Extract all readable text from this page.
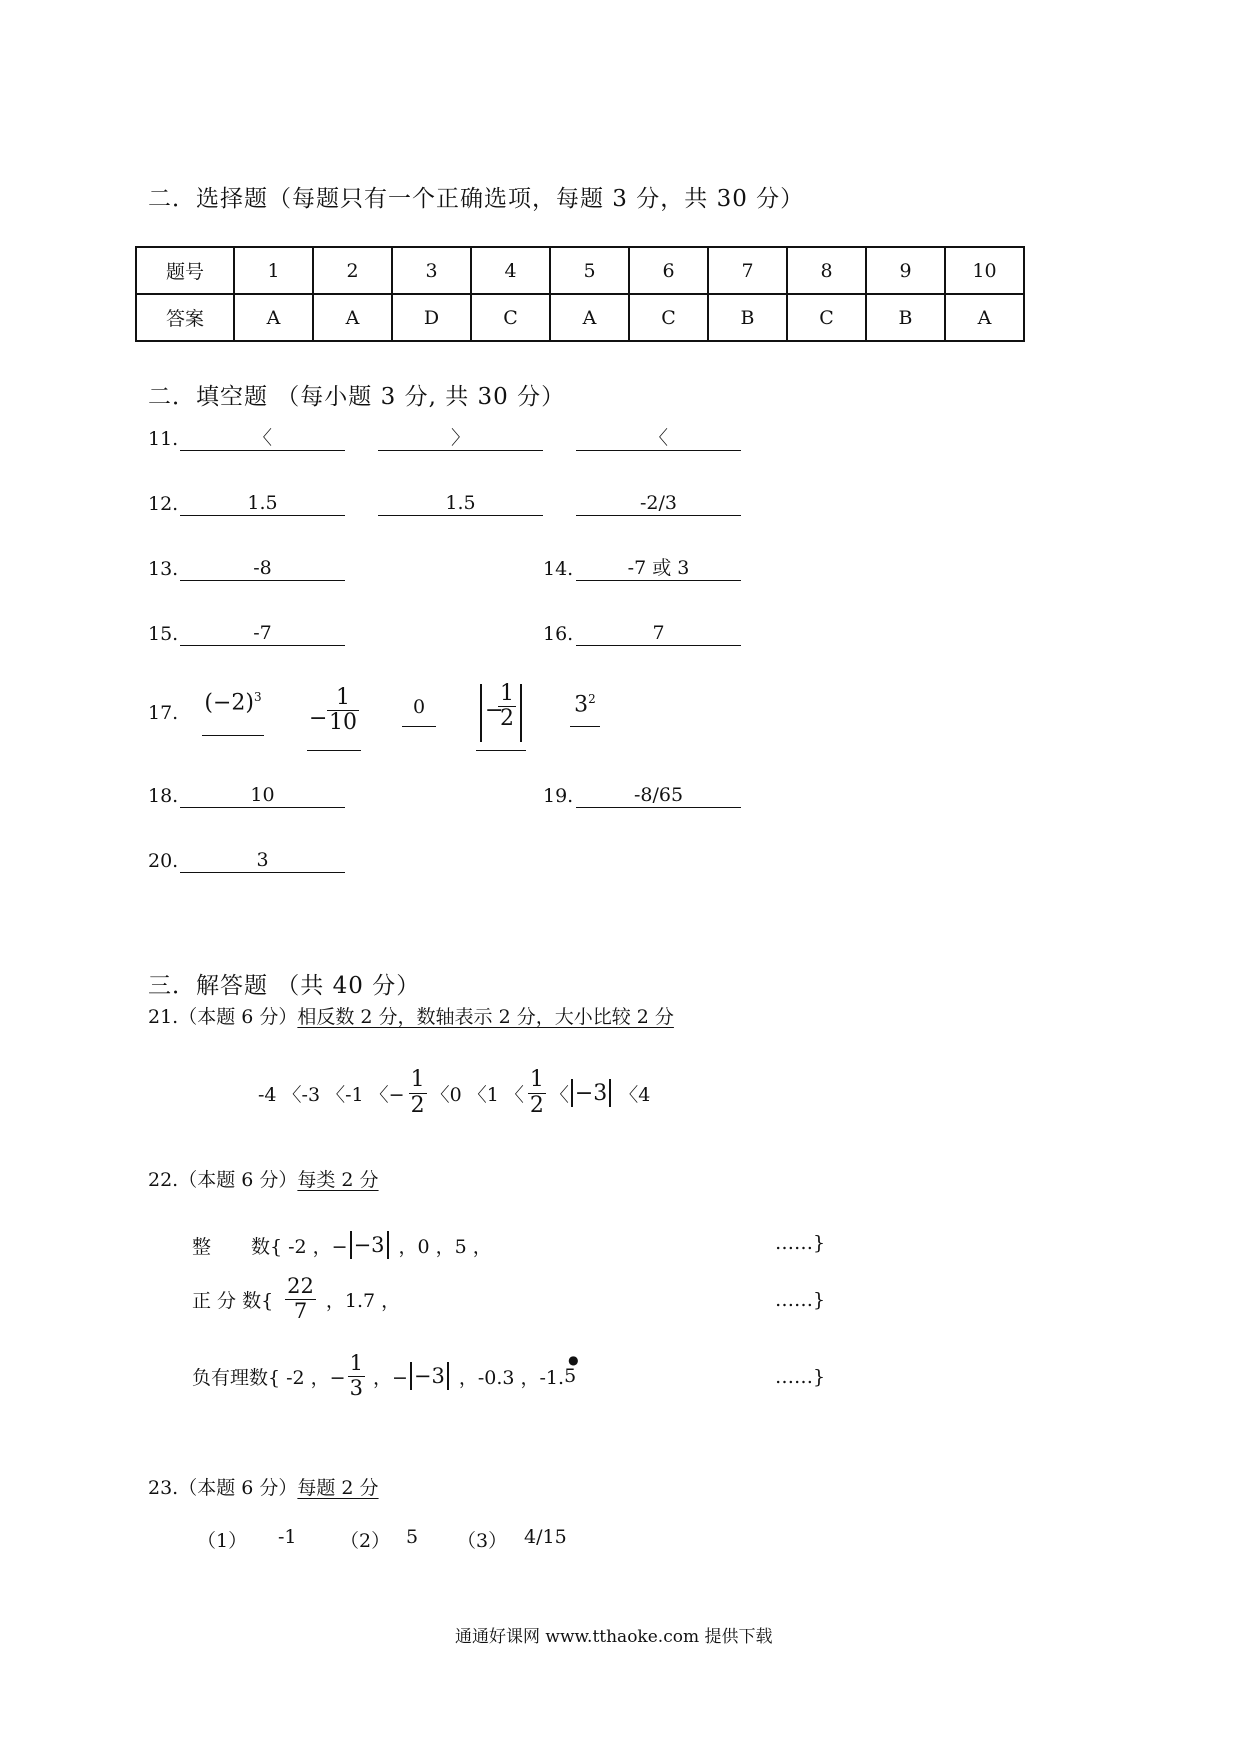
二．选择题（每题只有一个正确选项，每题 3 分，共 30 分）
题号	1	2	3	4	5	6	7	8	9	10
答案	A	A	D	C	A	C	B	C	B	A
二．填空题 （每小题 3 分, 共 30 分）
11.	〈	〉	〈
12.	1.5	1.5	-2/3
13.	-8	14.	-7 或 3
15.	-7	16.	7
17. $(-2)^3$
− $\frac{1}{10}$	0	−
$\frac{1}{2}$	$3^2$
18.	10	19.	-8/65
20.	3
三．解答题 （共 40 分）
21.（本题 6 分）相反数 2 分，数轴表示 2 分，大小比较 2 分
-4 〈-3 〈-1 〈− $\frac{1}{2}$ 〈0 〈1 〈 $\frac{1}{2}$ 〈 −3 〈4
22.（本题 6 分）每类 2 分
整 数{ -2 ，− −3 ，0 ，5 ，	……}
正 分 数{ $\frac{22}{7}$ ，1.7 ，	……}
负有理数{ -2 ，− $\frac{1}{3}$ ，− −3 ，-0.3 ，-1.
●
5	……}
23.（本题 6 分）每题 2 分
（1） -1 （2） 5 （3） 4/15
通通好课网 www.tthaoke.com 提供下载
